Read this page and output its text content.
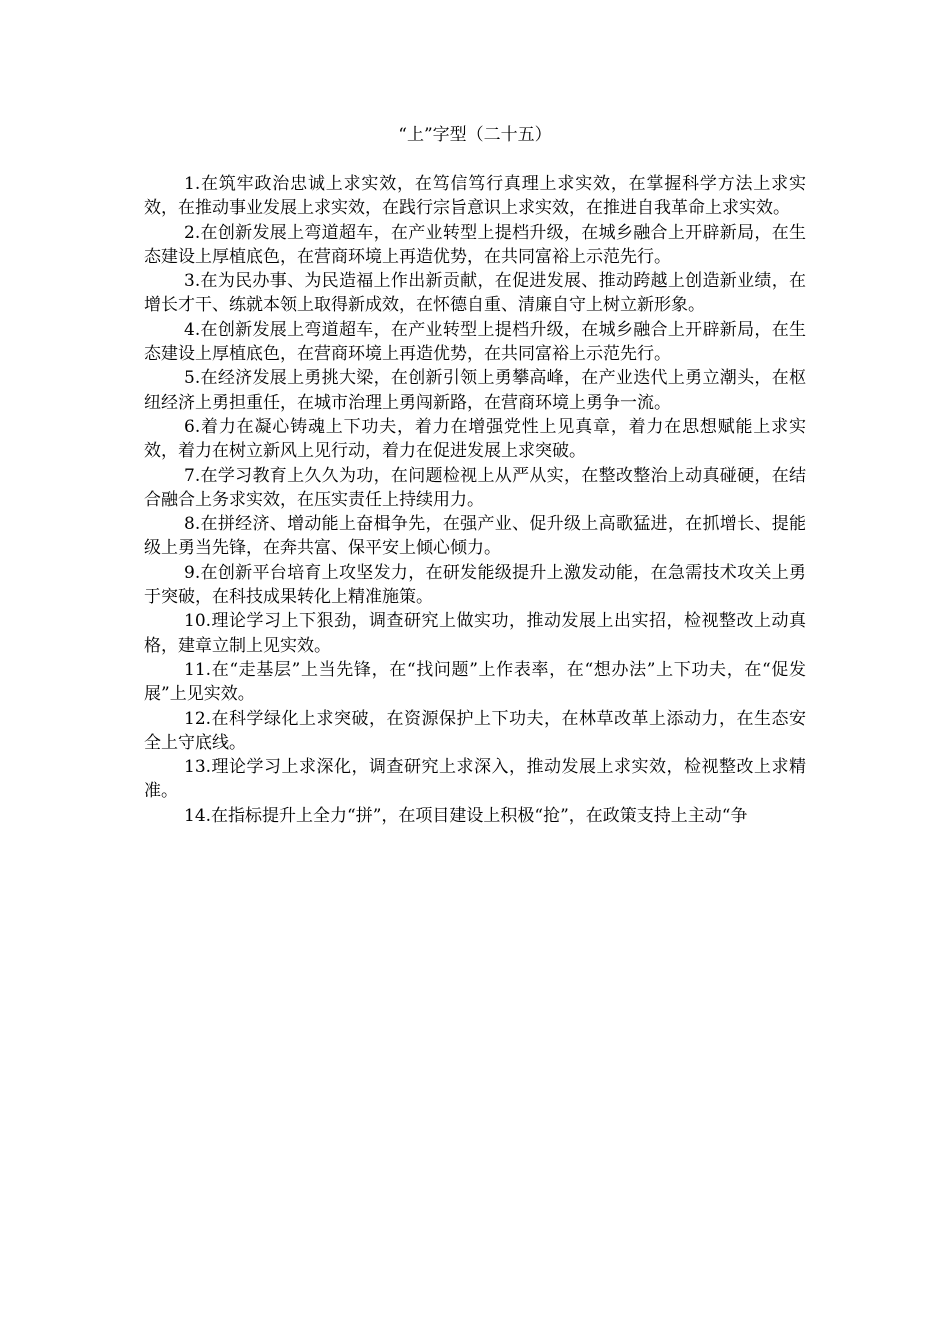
“上”字型（二十五）

1.在筑牢政治忠诚上求实效，在笃信笃行真理上求实效，在掌握科学方法上求实效，在推动事业发展上求实效，在践行宗旨意识上求实效，在推进自我革命上求实效。

2.在创新发展上弯道超车，在产业转型上提档升级，在城乡融合上开辟新局，在生态建设上厚植底色，在营商环境上再造优势，在共同富裕上示范先行。

3.在为民办事、为民造福上作出新贡献，在促进发展、推动跨越上创造新业绩，在增长才干、练就本领上取得新成效，在怀德自重、清廉自守上树立新形象。

4.在创新发展上弯道超车，在产业转型上提档升级，在城乡融合上开辟新局，在生态建设上厚植底色，在营商环境上再造优势，在共同富裕上示范先行。

5.在经济发展上勇挑大梁，在创新引领上勇攀高峰，在产业迭代上勇立潮头，在枢纽经济上勇担重任，在城市治理上勇闯新路，在营商环境上勇争一流。

6.着力在凝心铸魂上下功夫，着力在增强党性上见真章，着力在思想赋能上求实效，着力在树立新风上见行动，着力在促进发展上求突破。

7.在学习教育上久久为功，在问题检视上从严从实，在整改整治上动真碰硬，在结合融合上务求实效，在压实责任上持续用力。

8.在拼经济、增动能上奋楫争先，在强产业、促升级上高歌猛进，在抓增长、提能级上勇当先锋，在奔共富、保平安上倾心倾力。

9.在创新平台培育上攻坚发力，在研发能级提升上激发动能，在急需技术攻关上勇于突破，在科技成果转化上精准施策。

10.理论学习上下狠劲，调查研究上做实功，推动发展上出实招，检视整改上动真格，建章立制上见实效。

11.在“走基层”上当先锋，在“找问题”上作表率，在“想办法”上下功夫，在“促发展”上见实效。

12.在科学绿化上求突破，在资源保护上下功夫，在林草改革上添动力，在生态安全上守底线。

13.理论学习上求深化，调查研究上求深入，推动发展上求实效，检视整改上求精准。

14.在指标提升上全力“拼”，在项目建设上积极“抢”，在政策支持上主动“争
